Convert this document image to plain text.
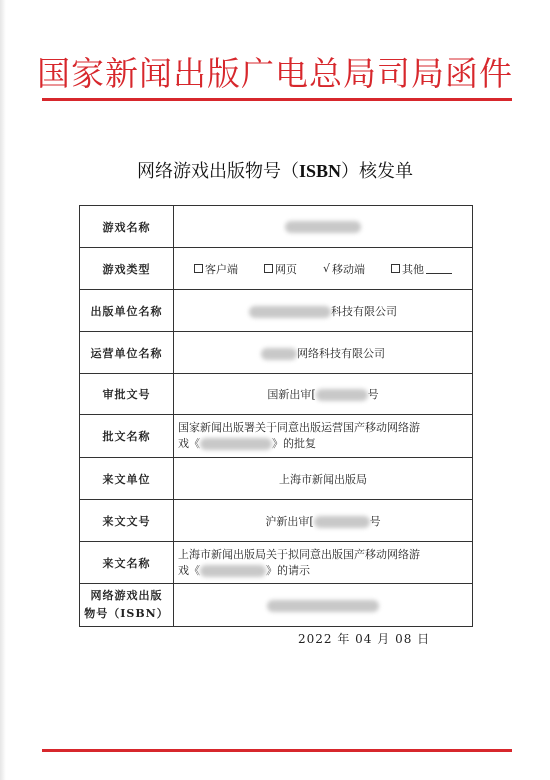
国家新闻出版广电总局司局函件
网络游戏出版物号（ISBN）核发单
游戏名称	
游戏类型	客户端 网页 √ 移动端 其他

出版单位名称	科技有限公司
运营单位名称	网络科技有限公司
审批文号	国新出审[ 号
批文名称	国家新闻出版署关于同意出版运营国产移动网络游
戏《 》的批复

来文单位	上海市新闻出版局
来文文号	沪新出审[ 号
来文名称	上海市新闻出版局关于拟同意出版国产移动网络游
戏《 》的请示

网络游戏出版
物号（ISBN）	

2022 年 04 月 08 日
